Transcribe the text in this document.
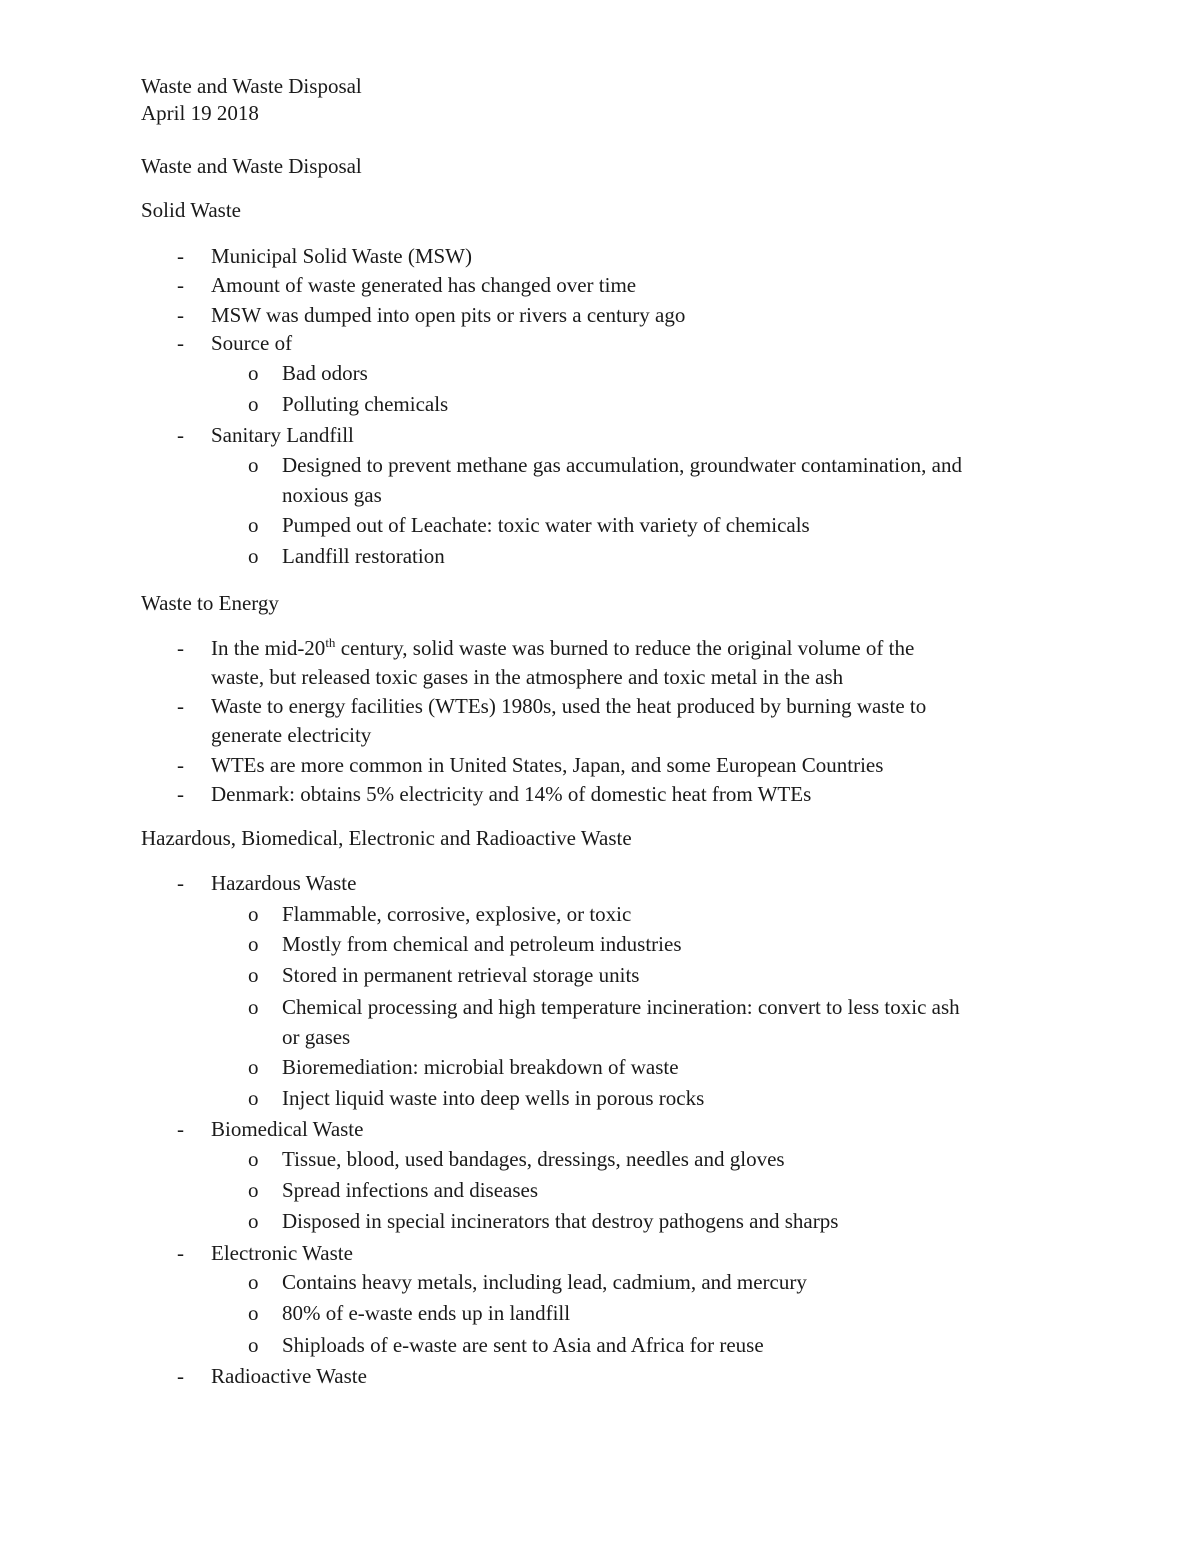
Waste and Waste Disposal
April 19 2018
Waste and Waste Disposal
Solid Waste
- Municipal Solid Waste (MSW)
- Amount of waste generated has changed over time
- MSW was dumped into open pits or rivers a century ago
- Source of
o Bad odors
o Polluting chemicals
- Sanitary Landfill
o Designed to prevent methane gas accumulation, groundwater contamination, and
noxious gas
o Pumped out of Leachate: toxic water with variety of chemicals
o Landfill restoration
Waste to Energy
- In the mid-20th century, solid waste was burned to reduce the original volume of the
waste, but released toxic gases in the atmosphere and toxic metal in the ash
- Waste to energy facilities (WTEs) 1980s, used the heat produced by burning waste to
generate electricity
- WTEs are more common in United States, Japan, and some European Countries
- Denmark: obtains 5% electricity and 14% of domestic heat from WTEs
Hazardous, Biomedical, Electronic and Radioactive Waste
- Hazardous Waste
o Flammable, corrosive, explosive, or toxic
o Mostly from chemical and petroleum industries
o Stored in permanent retrieval storage units
o Chemical processing and high temperature incineration: convert to less toxic ash
or gases
o Bioremediation: microbial breakdown of waste
o Inject liquid waste into deep wells in porous rocks
- Biomedical Waste
o Tissue, blood, used bandages, dressings, needles and gloves
o Spread infections and diseases
o Disposed in special incinerators that destroy pathogens and sharps
- Electronic Waste
o Contains heavy metals, including lead, cadmium, and mercury
o 80% of e-waste ends up in landfill
o Shiploads of e-waste are sent to Asia and Africa for reuse
- Radioactive Waste
